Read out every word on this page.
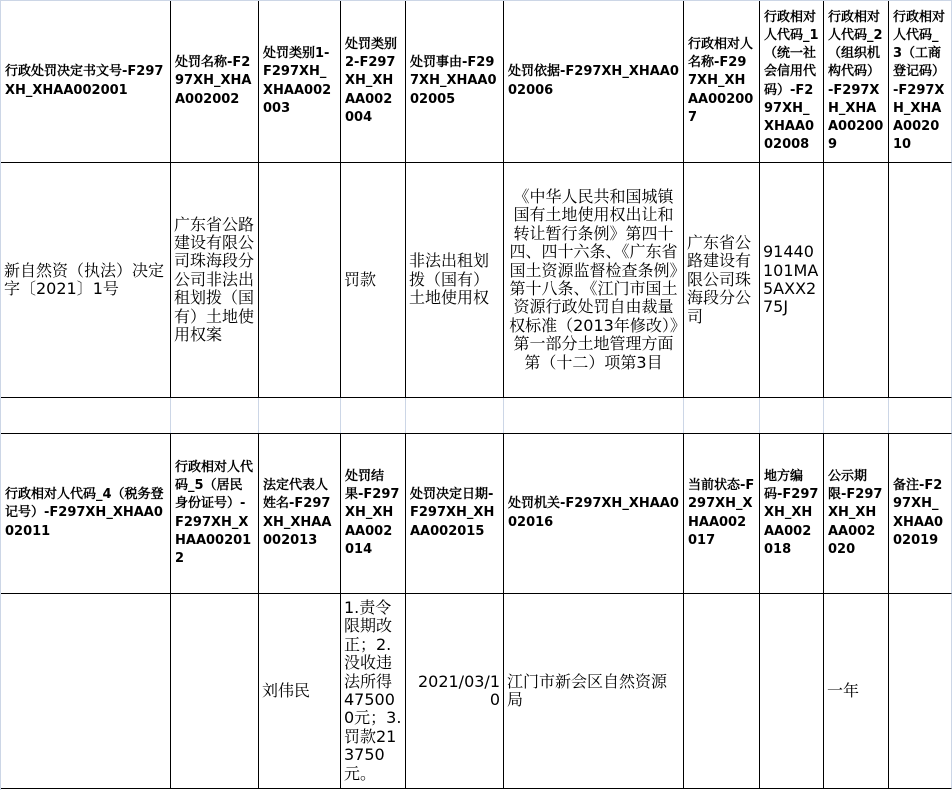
行政处罚决定书文号-F297XH_XHAA002001
处罚名称-F297XH_XHAA002002
处罚类别1-F297XH_XHAA002003
处罚类别2-F297XH_XHAA002004
处罚事由-F297XH_XHAA002005
处罚依据-F297XH_XHAA002006
行政相对人名称-F297XH_XHAA002007
行政相对人代码_1（统一社会信用代码）-F297XH_XHAA002008
行政相对人代码_2（组织机构代码）-F297XH_XHAA002009
行政相对人代码_3（工商登记码）-F297XH_XHAA002010
新自然资（执法）决定字〔2021〕1号
广东省公路建设有限公司珠海段分公司非法出租划拨（国有）土地使用权案
罚款
非法出租划拨（国有）土地使用权
《中华人民共和国城镇国有土地使用权出让和转让暂行条例》第四十四、四十六条、《广东省国土资源监督检查条例》第十八条、《江门市国土资源行政处罚自由裁量权标准（2013年修改）》第一部分土地管理方面第（十二）项第3目
广东省公路建设有限公司珠海段分公司
91440101MA5AXX275J
行政相对人代码_4（税务登记号）-F297XH_XHAA002011
行政相对人代码_5（居民身份证号）-F297XH_XHAA002012
法定代表人姓名-F297XH_XHAA002013
处罚结果-F297XH_XHAA002014
处罚决定日期-F297XH_XHAA002015
处罚机关-F297XH_XHAA002016
当前状态-F297XH_XHAA002017
地方编码-F297XH_XHAA002018
公示期限-F297XH_XHAA002020
备注-F297XH_XHAA002019
刘伟民
1.责令限期改正；2.没收违法所得475000元；3.罚款213750元。
2021/03/10
江门市新会区自然资源局	一年
